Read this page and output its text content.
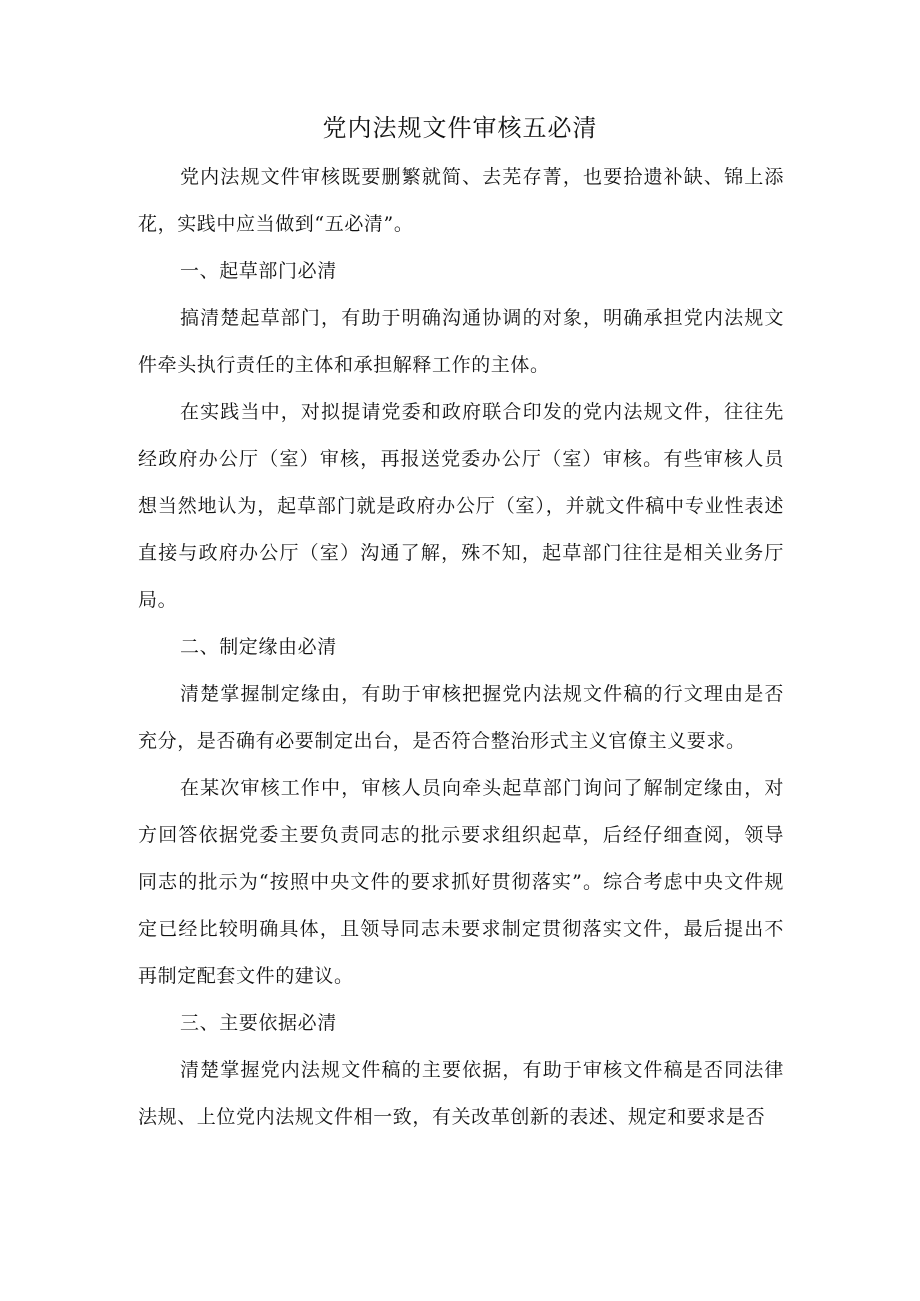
党内法规文件审核五必清

党内法规文件审核既要删繁就简、去芜存菁，也要拾遗补缺、锦上添花，实践中应当做到“五必清”。

一、起草部门必清

搞清楚起草部门，有助于明确沟通协调的对象，明确承担党内法规文件牵头执行责任的主体和承担解释工作的主体。

在实践当中，对拟提请党委和政府联合印发的党内法规文件，往往先经政府办公厅（室）审核，再报送党委办公厅（室）审核。有些审核人员想当然地认为，起草部门就是政府办公厅（室），并就文件稿中专业性表述直接与政府办公厅（室）沟通了解，殊不知，起草部门往往是相关业务厅局。

二、制定缘由必清

清楚掌握制定缘由，有助于审核把握党内法规文件稿的行文理由是否充分，是否确有必要制定出台，是否符合整治形式主义官僚主义要求。

在某次审核工作中，审核人员向牵头起草部门询问了解制定缘由，对方回答依据党委主要负责同志的批示要求组织起草，后经仔细查阅，领导同志的批示为“按照中央文件的要求抓好贯彻落实”。综合考虑中央文件规定已经比较明确具体，且领导同志未要求制定贯彻落实文件，最后提出不再制定配套文件的建议。

三、主要依据必清

清楚掌握党内法规文件稿的主要依据，有助于审核文件稿是否同法律法规、上位党内法规文件相一致，有关改革创新的表述、规定和要求是否
